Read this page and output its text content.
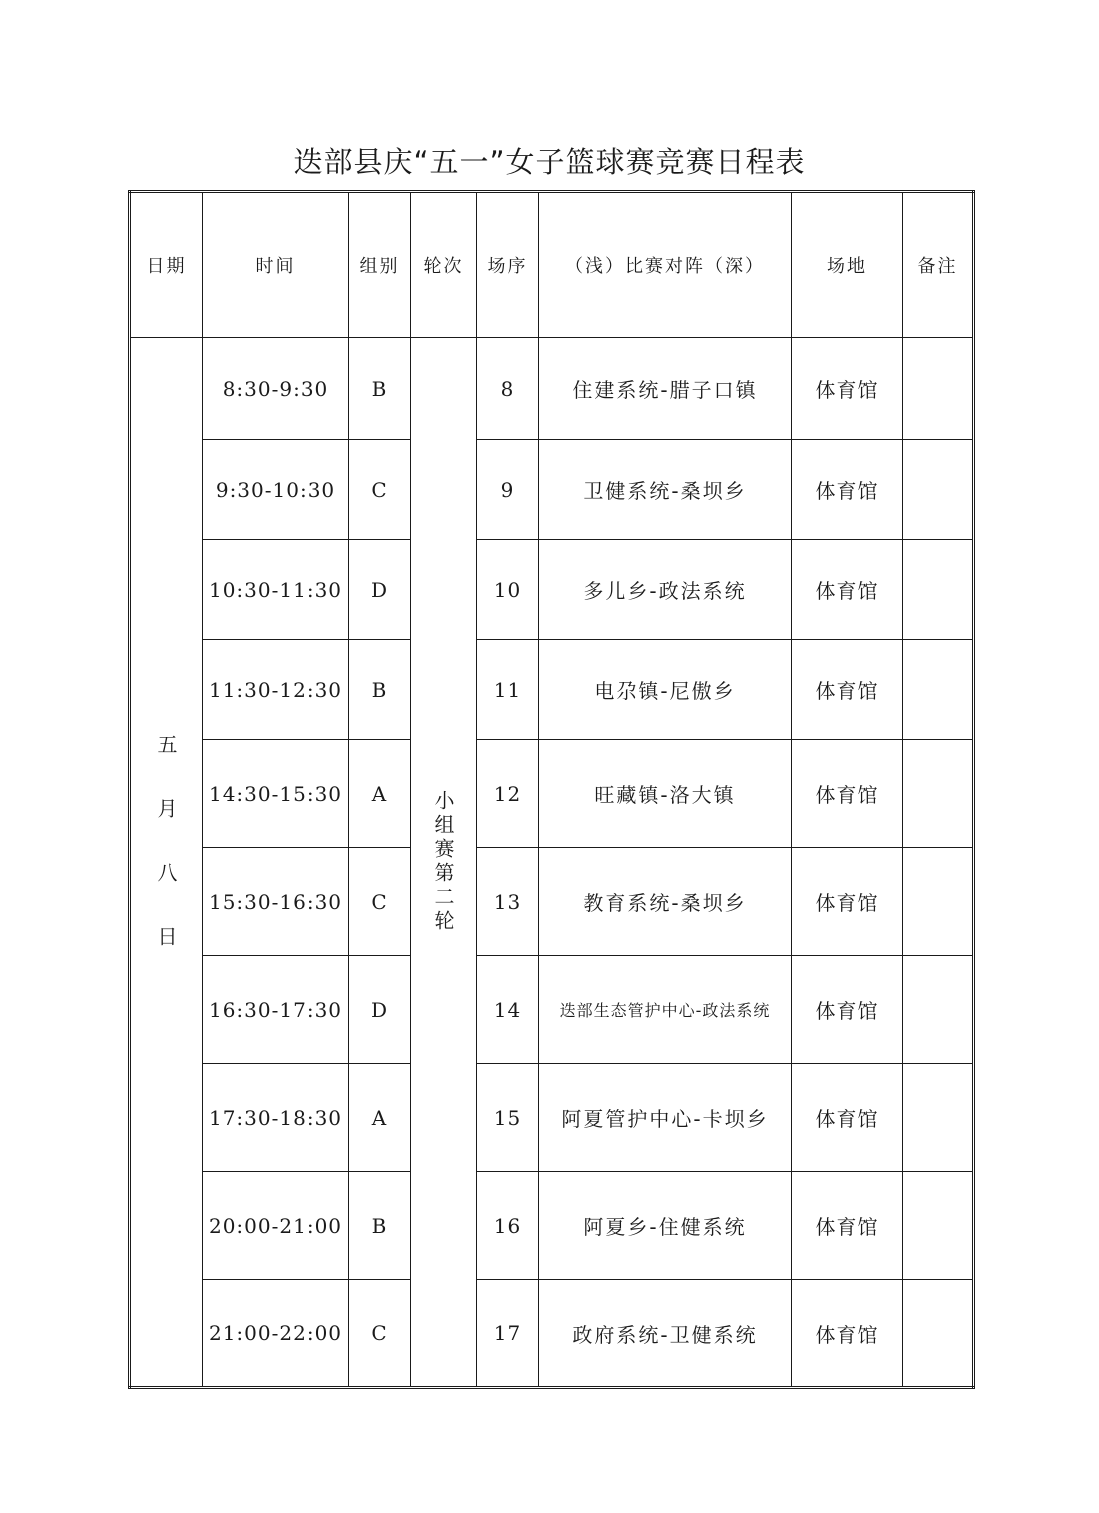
迭部县庆“五一”女子篮球赛竞赛日程表
日期	时间	组别	轮次	场序	（浅）比赛对阵（深）	场地	备注

五月八日	8:30-9:30	B	小组赛第二轮	8	住建系统-腊子口镇	体育馆	
	9:30-10:30	C		9	卫健系统-桑坝乡	体育馆	
	10:30-11:30	D		10	多儿乡-政法系统	体育馆	
	11:30-12:30	B		11	电尕镇-尼傲乡	体育馆	
	14:30-15:30	A		12	旺藏镇-洛大镇	体育馆	
	15:30-16:30	C		13	教育系统-桑坝乡	体育馆	
	16:30-17:30	D		14	迭部生态管护中心-政法系统	体育馆	
	17:30-18:30	A		15	阿夏管护中心-卡坝乡	体育馆	
	20:00-21:00	B		16	阿夏乡-住健系统	体育馆	
	21:00-22:00	C		17	政府系统-卫健系统	体育馆	
